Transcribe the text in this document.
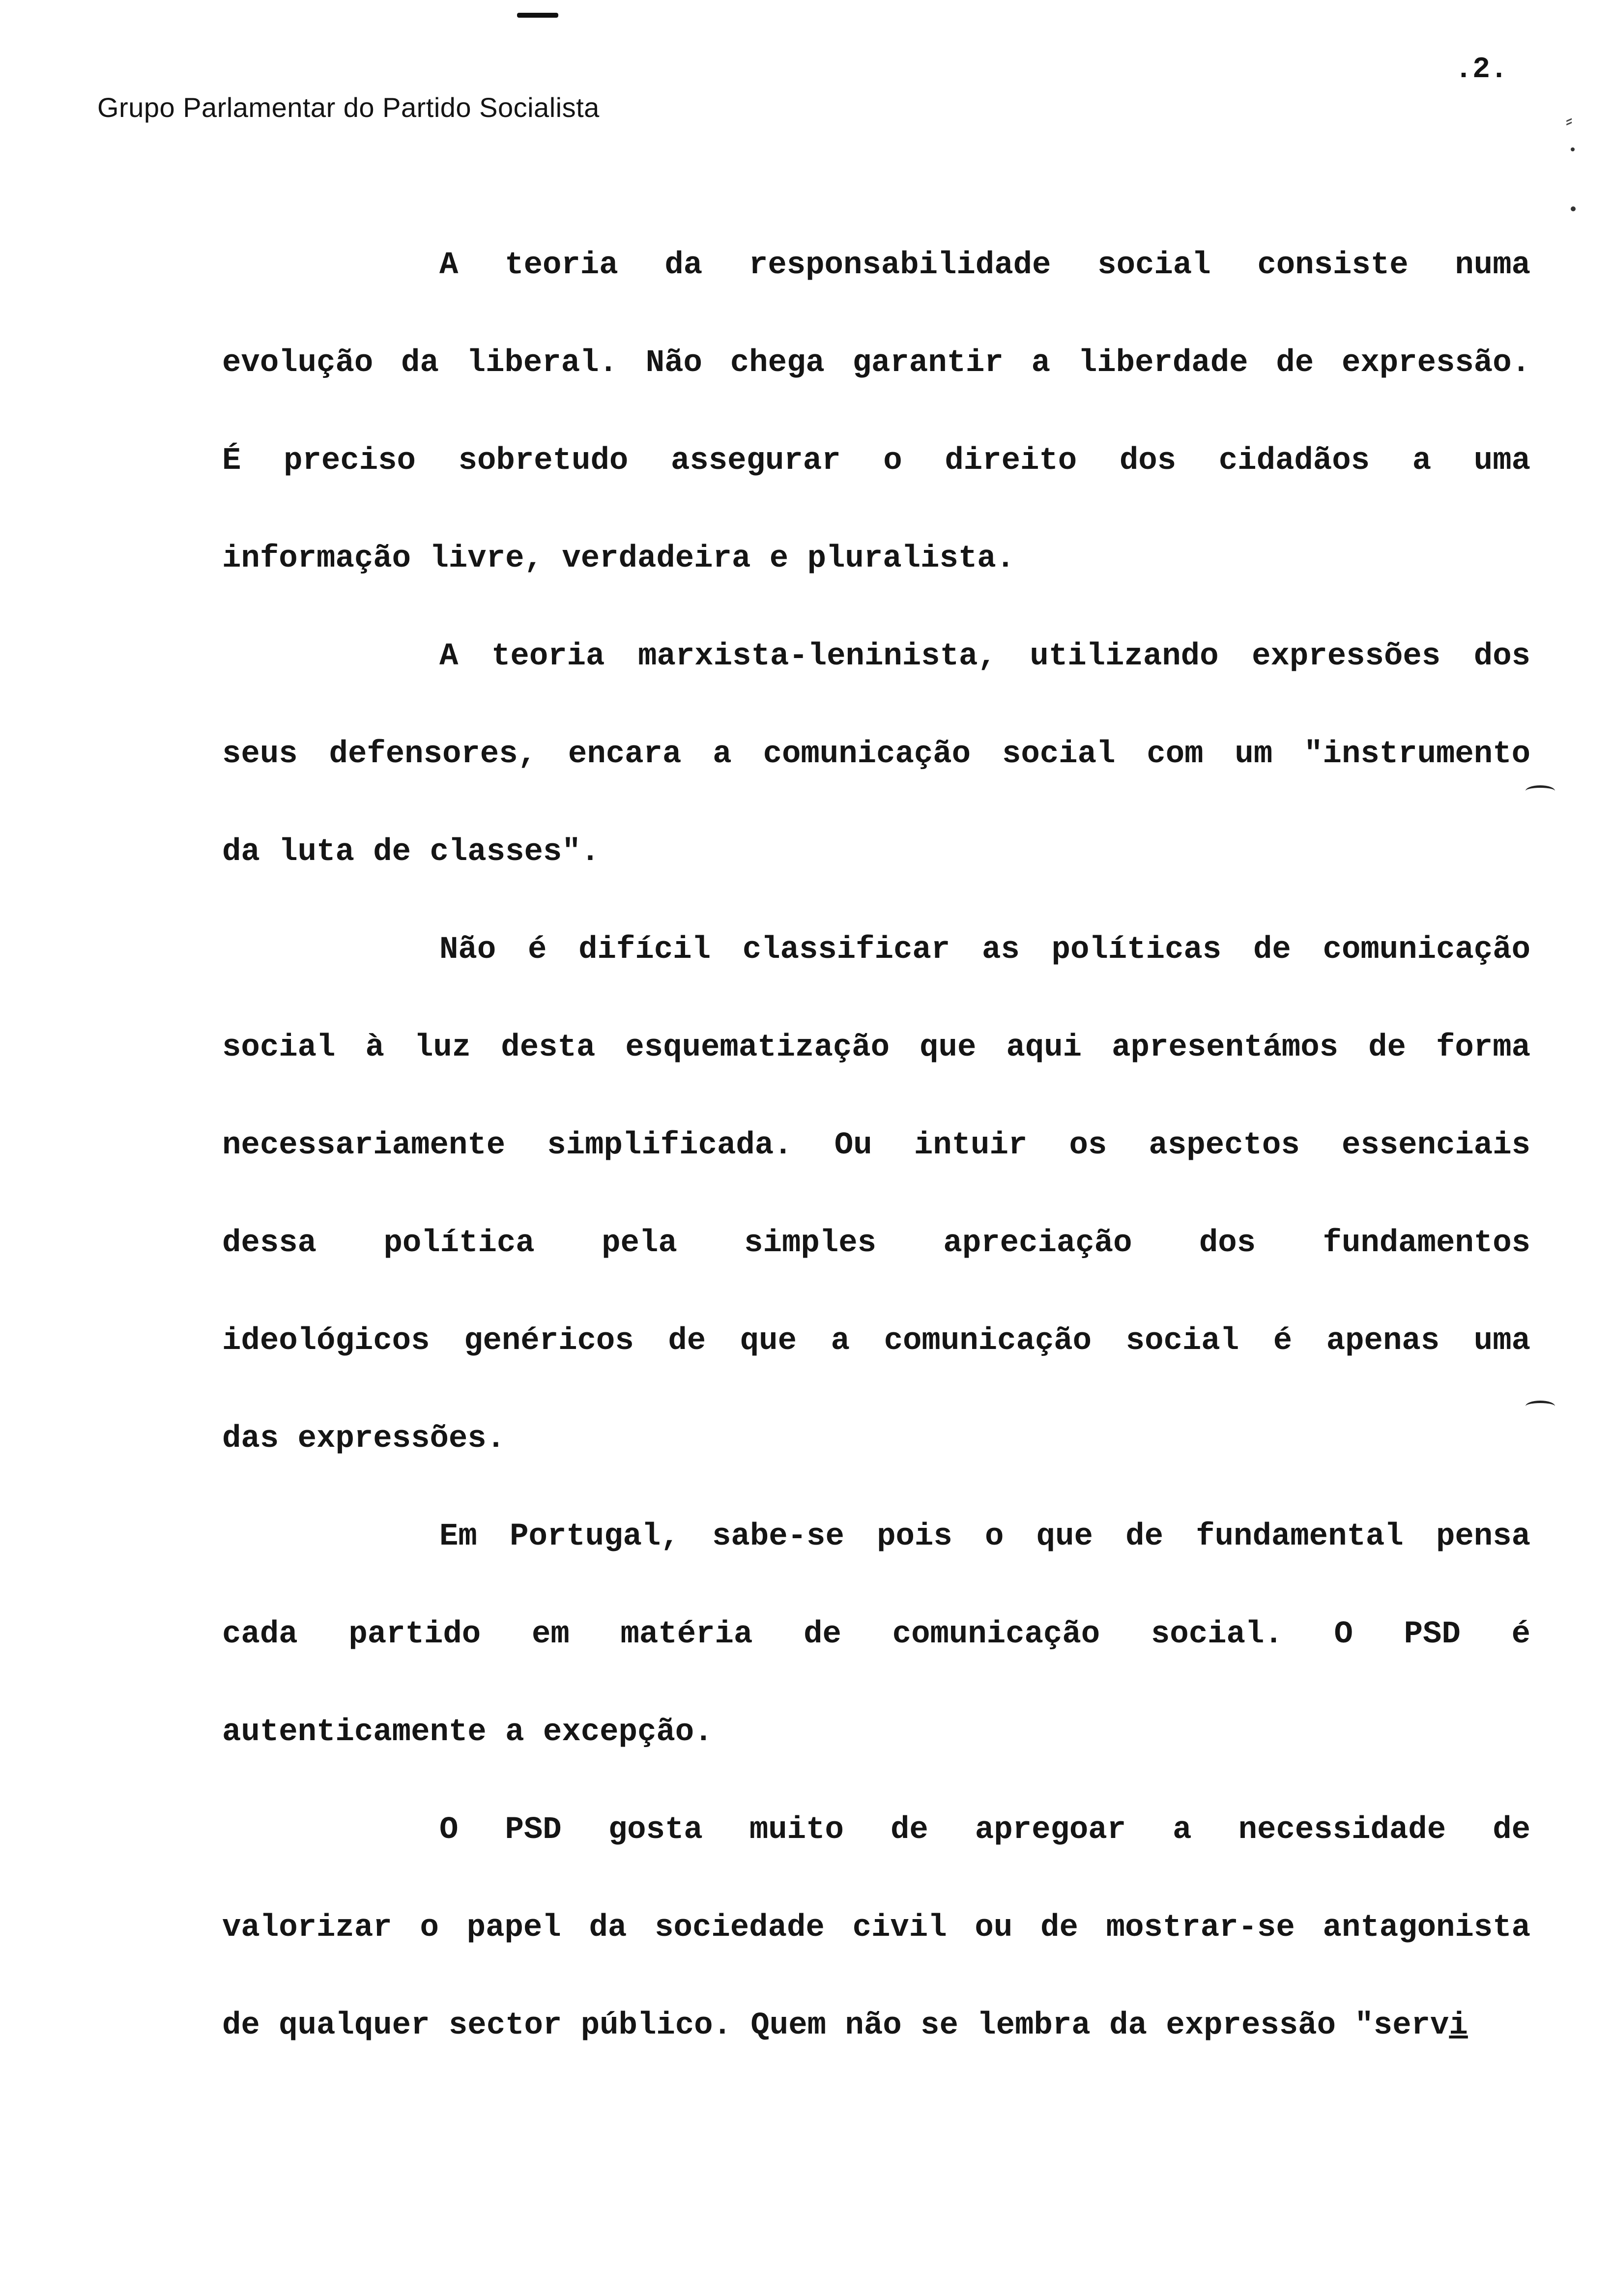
Grupo Parlamentar do Partido Socialista
.2.
⸗
A teoria da responsabilidade social consiste numa
evolução da liberal. Não chega garantir a liberdade de expressão.
É preciso sobretudo assegurar o direito dos cidadãos a uma
informação livre, verdadeira e pluralista.
A teoria marxista-leninista, utilizando expressões dos
seus defensores, encara a comunicação social com um "instrumento
da luta de classes".
Não é difícil classificar as políticas de comunicação
social à luz desta esquematização que aqui apresentámos de forma
necessariamente simplificada. Ou intuir os aspectos essenciais
dessa política pela simples apreciação dos fundamentos
ideológicos genéricos de que a comunicação social é apenas uma
das expressões.
Em Portugal, sabe-se pois o que de fundamental pensa
cada partido em matéria de comunicação social. O PSD é
autenticamente a excepção.
O PSD gosta muito de apregoar a necessidade de
valorizar o papel da sociedade civil ou de mostrar-se antagonista
de qualquer sector público. Quem não se lembra da expressão "servi
